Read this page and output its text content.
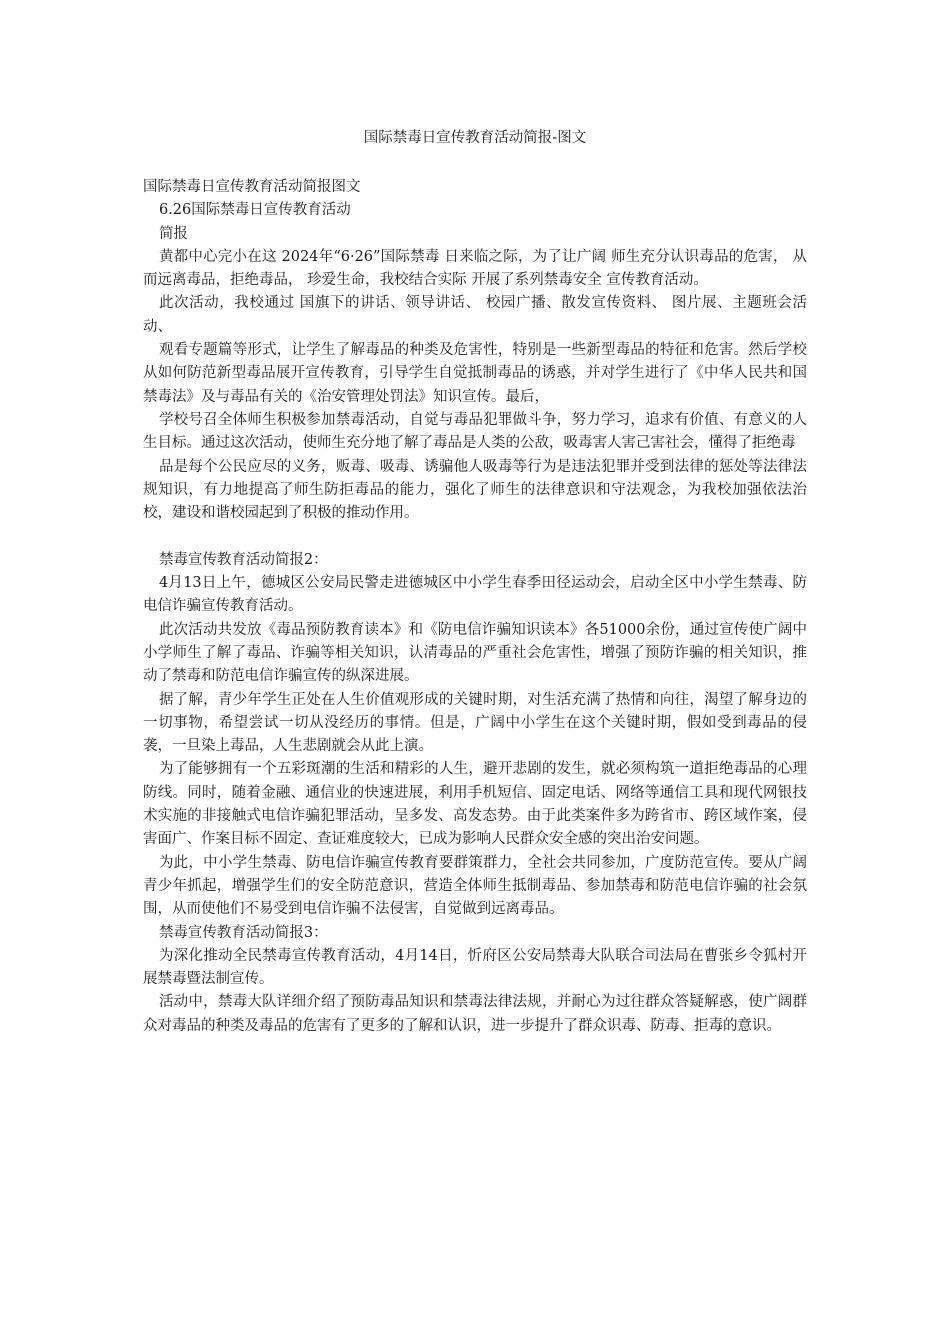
国际禁毒日宣传教育活动简报-图文

国际禁毒日宣传教育活动简报图文

6.26国际禁毒日宣传教育活动

简报

黄都中心完小在这 2024年“6·26”国际禁毒 日来临之际，为了让广阔 师生充分认识毒品的危害， 从而远离毒品，拒绝毒品， 珍爱生命，我校结合实际 开展了系列禁毒安全 宣传教育活动。

此次活动，我校通过 国旗下的讲话、领导讲话、 校园广播、散发宣传资料、 图片展、主题班会活动、

观看专题篇等形式，让学生了解毒品的种类及危害性，特别是一些新型毒品的特征和危害。然后学校从如何防范新型毒品展开宣传教育，引导学生自觉抵制毒品的诱惑，并对学生进行了《中华人民共和国禁毒法》及与毒品有关的《治安管理处罚法》知识宣传。最后，

学校号召全体师生积极参加禁毒活动，自觉与毒品犯罪做斗争，努力学习，追求有价值、有意义的人生目标。通过这次活动，使师生充分地了解了毒品是人类的公敌，吸毒害人害己害社会，懂得了拒绝毒

品是每个公民应尽的义务，贩毒、吸毒、诱骗他人吸毒等行为是违法犯罪并受到法律的惩处等法律法规知识，有力地提高了师生防拒毒品的能力，强化了师生的法律意识和守法观念，为我校加强依法治校，建设和谐校园起到了积极的推动作用。

禁毒宣传教育活动简报2：

4月13日上午，德城区公安局民警走进德城区中小学生春季田径运动会，启动全区中小学生禁毒、防电信诈骗宣传教育活动。

此次活动共发放《毒品预防教育读本》和《防电信诈骗知识读本》各51000余份，通过宣传使广阔中小学师生了解了毒品、诈骗等相关知识，认清毒品的严重社会危害性，增强了预防诈骗的相关知识，推动了禁毒和防范电信诈骗宣传的纵深进展。

据了解，青少年学生正处在人生价值观形成的关键时期，对生活充满了热情和向往，渴望了解身边的一切事物，希望尝试一切从没经历的事情。但是，广阔中小学生在这个关键时期，假如受到毒品的侵袭，一旦染上毒品，人生悲剧就会从此上演。

为了能够拥有一个五彩斑潮的生活和精彩的人生，避开悲剧的发生，就必须构筑一道拒绝毒品的心理防线。同时，随着金融、通信业的快速进展，利用手机短信、固定电话、网络等通信工具和现代网银技术实施的非接触式电信诈骗犯罪活动，呈多发、高发态势。由于此类案件多为跨省市、跨区域作案，侵害面广、作案目标不固定、查证难度较大，已成为影响人民群众安全感的突出治安问题。

为此，中小学生禁毒、防电信诈骗宣传教育要群策群力，全社会共同参加，广度防范宣传。要从广阔青少年抓起，增强学生们的安全防范意识，营造全体师生抵制毒品、参加禁毒和防范电信诈骗的社会氛围，从而使他们不易受到电信诈骗不法侵害，自觉做到远离毒品。

禁毒宣传教育活动简报3：

为深化推动全民禁毒宣传教育活动，4月14日，忻府区公安局禁毒大队联合司法局在曹张乡令狐村开展禁毒暨法制宣传。

活动中，禁毒大队详细介绍了预防毒品知识和禁毒法律法规，并耐心为过往群众答疑解惑，使广阔群众对毒品的种类及毒品的危害有了更多的了解和认识，进一步提升了群众识毒、防毒、拒毒的意识。
